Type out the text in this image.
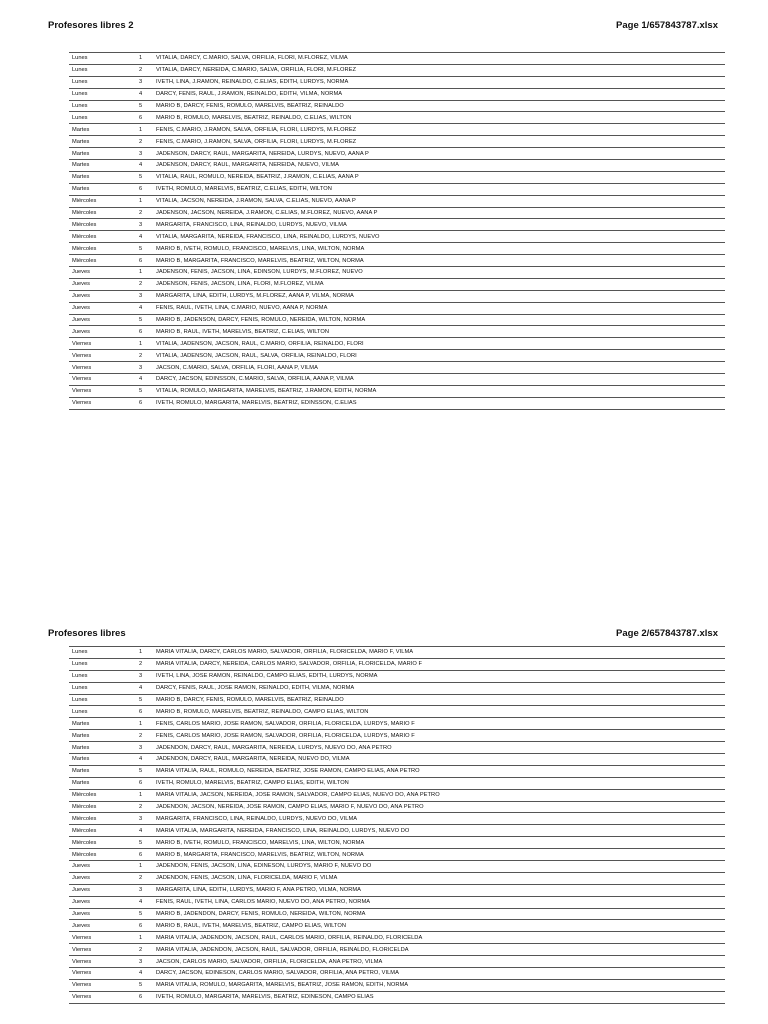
Profesores libres 2	Page 1/657843787.xlsx
Lunes	1	VITALIA, DARCY, C.MARIO, SALVA, ORFILIA, FLORI, M.FLOREZ, VILMA
Lunes	2	VITALIA, DARCY, NEREIDA, C.MARIO, SALVA, ORFILIA, FLORI, M.FLOREZ
Lunes	3	IVETH, LINA, J.RAMON, REINALDO, C.ELIAS, EDITH, LURDYS, NORMA
Lunes	4	DARCY, FENIS, RAUL, J.RAMON, REINALDO, EDITH, VILMA, NORMA
Lunes	5	MARIO B, DARCY, FENIS, ROMULO, MARELVIS, BEATRIZ, REINALDO
Lunes	6	MARIO B, ROMULO, MARELVIS, BEATRIZ, REINALDO, C.ELIAS, WILTON
Martes	1	FENIS, C.MARIO, J.RAMON, SALVA, ORFILIA, FLORI, LURDYS, M.FLOREZ
Martes	2	FENIS, C.MARIO, J.RAMON, SALVA, ORFILIA, FLORI, LURDYS, M.FLOREZ
Martes	3	JADENSON, DARCY, RAUL, MARGARITA, NEREIDA, LURDYS, NUEVO, AANA P
Martes	4	JADENSON, DARCY, RAUL, MARGARITA, NEREIDA, NUEVO, VILMA
Martes	5	VITALIA, RAUL, ROMULO, NEREIDA, BEATRIZ, J.RAMON, C.ELIAS, AANA P
Martes	6	IVETH, ROMULO, MARELVIS, BEATRIZ, C.ELIAS, EDITH, WILTON
Miércoles	1	VITALIA, JACSON, NEREIDA, J.RAMON, SALVA, C.ELIAS, NUEVO, AANA P
Miércoles	2	JADENSON, JACSON, NEREIDA, J.RAMON, C.ELIAS, M.FLOREZ, NUEVO, AANA P
Miércoles	3	MARGARITA, FRANCISCO, LINA, REINALDO, LURDYS, NUEVO, VILMA
Miércoles	4	VITALIA, MARGARITA, NEREIDA, FRANCISCO, LINA, REINALDO, LURDYS, NUEVO
Miércoles	5	MARIO B, IVETH, ROMULO, FRANCISCO, MARELVIS, LINA, WILTON, NORMA
Miércoles	6	MARIO B, MARGARITA, FRANCISCO, MARELVIS, BEATRIZ, WILTON, NORMA
Jueves	1	JADENSON, FENIS, JACSON, LINA, EDINSON, LURDYS, M.FLOREZ, NUEVO
Jueves	2	JADENSON, FENIS, JACSON, LINA, FLORI, M.FLOREZ, VILMA
Jueves	3	MARGARITA, LINA, EDITH, LURDYS, M.FLOREZ, AANA P, VILMA, NORMA
Jueves	4	FENIS, RAUL, IVETH, LINA, C.MARIO, NUEVO, AANA P, NORMA
Jueves	5	MARIO B, JADENSON, DARCY, FENIS, ROMULO, NEREIDA, WILTON, NORMA
Jueves	6	MARIO B, RAUL, IVETH, MARELVIS, BEATRIZ, C.ELIAS, WILTON
Viernes	1	VITALIA, JADENSON, JACSON, RAUL, C.MARIO, ORFILIA, REINALDO, FLORI
Viernes	2	VITALIA, JADENSON, JACSON, RAUL, SALVA, ORFILIA, REINALDO, FLORI
Viernes	3	JACSON, C.MARIO, SALVA, ORFILIA, FLORI, AANA P, VILMA
Viernes	4	DARCY, JACSON, EDINSSON, C.MARIO, SALVA, ORFILIA, AANA P, VILMA
Viernes	5	VITALIA, ROMULO, MARGARITA, MARELVIS, BEATRIZ, J.RAMON, EDITH, NORMA
Viernes	6	IVETH, ROMULO, MARGARITA, MARELVIS, BEATRIZ, EDINSSON, C.ELIAS
Profesores libres	Page 2/657843787.xlsx
Lunes	1	MARIA VITALIA, DARCY, CARLOS MARIO, SALVADOR, ORFILIA, FLORICELDA, MARIO F, VILMA
Lunes	2	MARIA VITALIA, DARCY, NEREIDA, CARLOS MARIO, SALVADOR, ORFILIA, FLORICELDA, MARIO F
Lunes	3	IVETH, LINA, JOSE RAMON, REINALDO, CAMPO ELIAS, EDITH, LURDYS, NORMA
Lunes	4	DARCY, FENIS, RAUL, JOSE RAMON, REINALDO, EDITH, VILMA, NORMA
Lunes	5	MARIO B, DARCY, FENIS, ROMULO, MARELVIS, BEATRIZ, REINALDO
Lunes	6	MARIO B, ROMULO, MARELVIS, BEATRIZ, REINALDO, CAMPO ELIAS, WILTON
Martes	1	FENIS, CARLOS MARIO, JOSE RAMON, SALVADOR, ORFILIA, FLORICELDA, LURDYS, MARIO F
Martes	2	FENIS, CARLOS MARIO, JOSE RAMON, SALVADOR, ORFILIA, FLORICELDA, LURDYS, MARIO F
Martes	3	JADENDON, DARCY, RAUL, MARGARITA, NEREIDA, LURDYS, NUEVO DO, ANA PETRO
Martes	4	JADENDON, DARCY, RAUL, MARGARITA, NEREIDA, NUEVO DO, VILMA
Martes	5	MARIA VITALIA, RAUL, ROMULO, NEREIDA, BEATRIZ, JOSE RAMON, CAMPO ELIAS, ANA PETRO
Martes	6	IVETH, ROMULO, MARELVIS, BEATRIZ, CAMPO ELIAS, EDITH, WILTON
Miércoles	1	MARIA VITALIA, JACSON, NEREIDA, JOSE RAMON, SALVADOR, CAMPO ELIAS, NUEVO DO, ANA PETRO
Miércoles	2	JADENDON, JACSON, NEREIDA, JOSE RAMON, CAMPO ELIAS, MARIO F, NUEVO DO, ANA PETRO
Miércoles	3	MARGARITA, FRANCISCO, LINA, REINALDO, LURDYS, NUEVO DO, VILMA
Miércoles	4	MARIA VITALIA, MARGARITA, NEREIDA, FRANCISCO, LINA, REINALDO, LURDYS, NUEVO DO
Miércoles	5	MARIO B, IVETH, ROMULO, FRANCISCO, MARELVIS, LINA, WILTON, NORMA
Miércoles	6	MARIO B, MARGARITA, FRANCISCO, MARELVIS, BEATRIZ, WILTON, NORMA
Jueves	1	JADENDON, FENIS, JACSON, LINA, EDINESON, LURDYS, MARIO F, NUEVO DO
Jueves	2	JADENDON, FENIS, JACSON, LINA, FLORICELDA, MARIO F, VILMA
Jueves	3	MARGARITA, LINA, EDITH, LURDYS, MARIO F, ANA PETRO, VILMA, NORMA
Jueves	4	FENIS, RAUL, IVETH, LINA, CARLOS MARIO, NUEVO DO, ANA PETRO, NORMA
Jueves	5	MARIO B, JADENDON, DARCY, FENIS, ROMULO, NEREIDA, WILTON, NORMA
Jueves	6	MARIO B, RAUL, IVETH, MARELVIS, BEATRIZ, CAMPO ELIAS, WILTON
Viernes	1	MARIA VITALIA, JADENDON, JACSON, RAUL, CARLOS MARIO, ORFILIA, REINALDO, FLORICELDA
Viernes	2	MARIA VITALIA, JADENDON, JACSON, RAUL, SALVADOR, ORFILIA, REINALDO, FLORICELDA
Viernes	3	JACSON, CARLOS MARIO, SALVADOR, ORFILIA, FLORICELDA, ANA PETRO, VILMA
Viernes	4	DARCY, JACSON, EDINESON, CARLOS MARIO, SALVADOR, ORFILIA, ANA PETRO, VILMA
Viernes	5	MARIA VITALIA, ROMULO, MARGARITA, MARELVIS, BEATRIZ, JOSE RAMON, EDITH, NORMA
Viernes	6	IVETH, ROMULO, MARGARITA, MARELVIS, BEATRIZ, EDINESON, CAMPO ELIAS
